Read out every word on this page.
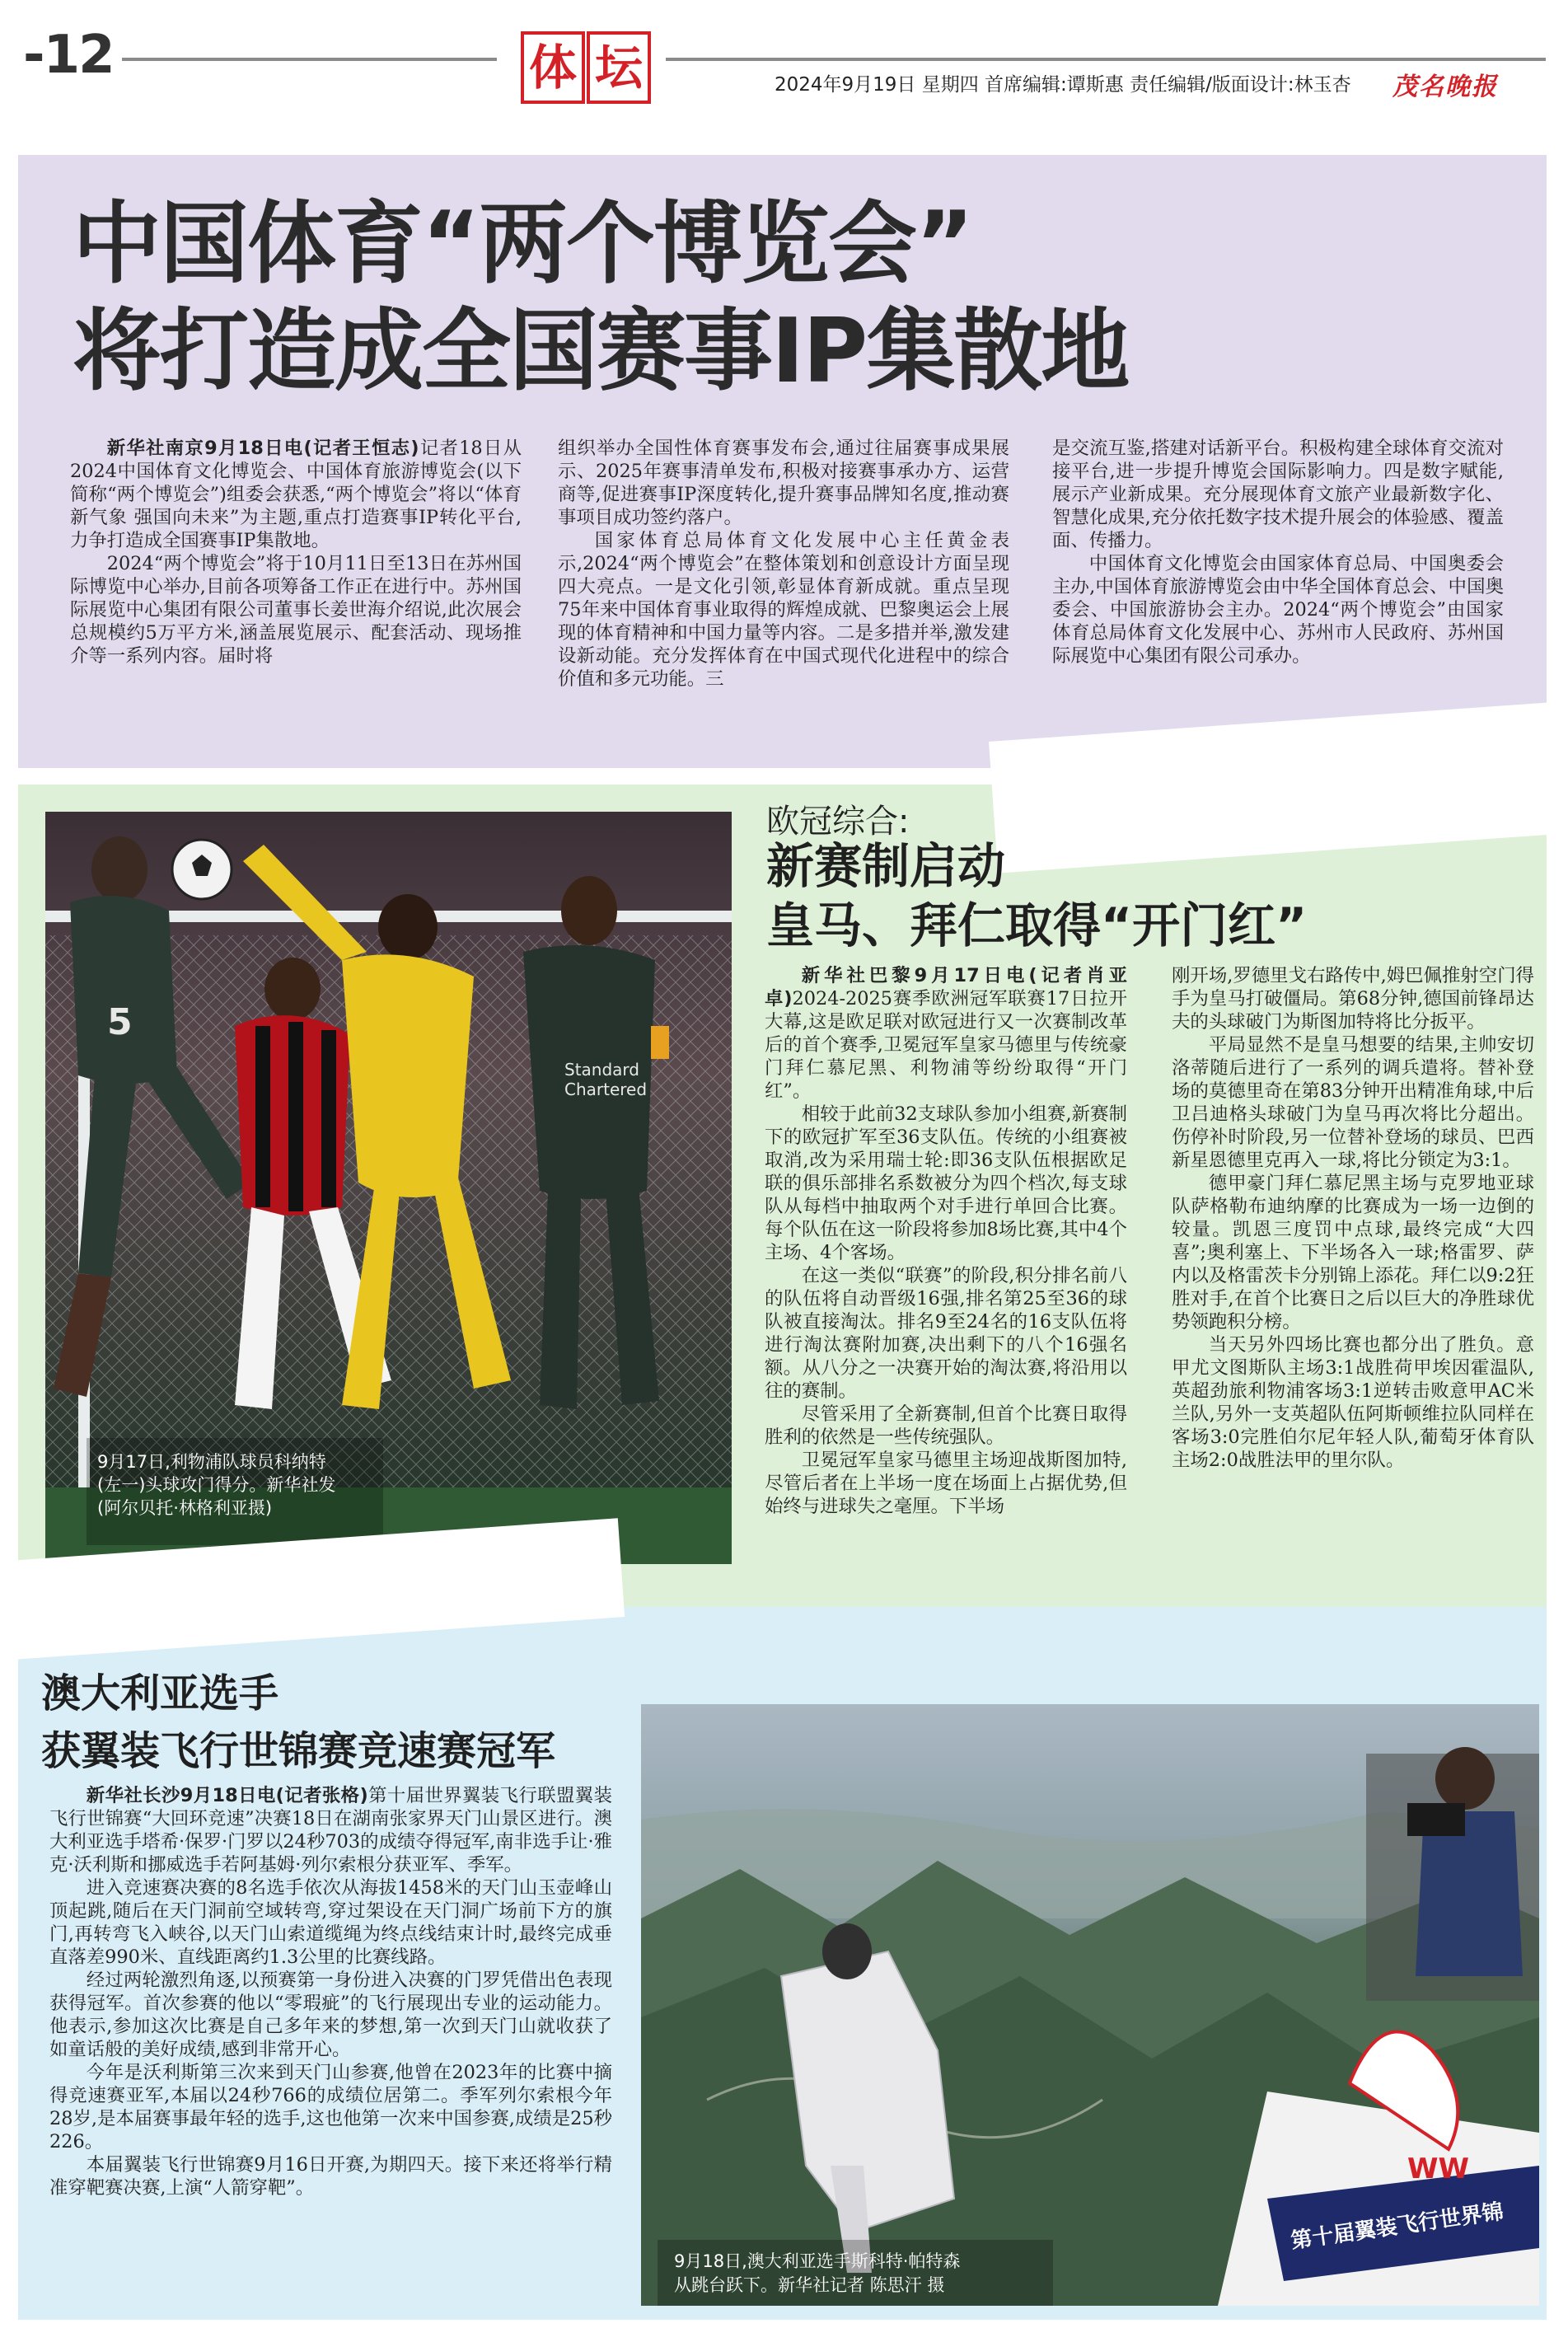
-12	体 坛	2024年9月19日 星期四 首席编辑:谭斯惠 责任编辑/版面设计:林玉杏 茂名晚报
中国体育“两个博览会”
将打造成全国赛事IP集散地

新华社南京9月18日电(记者王恒志)记者18日从2024中国体育文化博览会、中国体育旅游博览会(以下简称“两个博览会”)组委会获悉,“两个博览会”将以“体育新气象 强国向未来”为主题,重点打造赛事IP转化平台,力争打造成全国赛事IP集散地。

2024“两个博览会”将于10月11日至13日在苏州国际博览中心举办,目前各项筹备工作正在进行中。苏州国际展览中心集团有限公司董事长姜世海介绍说,此次展会总规模约5万平方米,涵盖展览展示、配套活动、现场推介等一系列内容。届时将

组织举办全国性体育赛事发布会,通过往届赛事成果展示、2025年赛事清单发布,积极对接赛事承办方、运营商等,促进赛事IP深度转化,提升赛事品牌知名度,推动赛事项目成功签约落户。

国家体育总局体育文化发展中心主任黄金表示,2024“两个博览会”在整体策划和创意设计方面呈现四大亮点。一是文化引领,彰显体育新成就。重点呈现75年来中国体育事业取得的辉煌成就、巴黎奥运会上展现的体育精神和中国力量等内容。二是多措并举,激发建设新动能。充分发挥体育在中国式现代化进程中的综合价值和多元功能。三

是交流互鉴,搭建对话新平台。积极构建全球体育交流对接平台,进一步提升博览会国际影响力。四是数字赋能,展示产业新成果。充分展现体育文旅产业最新数字化、智慧化成果,充分依托数字技术提升展会的体验感、覆盖面、传播力。

中国体育文化博览会由国家体育总局、中国奥委会主办,中国体育旅游博览会由中华全国体育总会、中国奥委会、中国旅游协会主办。2024“两个博览会”由国家体育总局体育文化发展中心、苏州市人民政府、苏州国际展览中心集团有限公司承办。

5
Standard
Chartered
9月17日,利物浦队球员科纳特(左一)头球攻门得分。新华社发(阿尔贝托·林格利亚摄)
欧冠综合:
新赛制启动
皇马、拜仁取得“开门红”

新华社巴黎9月17日电(记者肖亚卓)2024-2025赛季欧洲冠军联赛17日拉开大幕,这是欧足联对欧冠进行又一次赛制改革后的首个赛季,卫冕冠军皇家马德里与传统豪门拜仁慕尼黑、利物浦等纷纷取得“开门红”。

相较于此前32支球队参加小组赛,新赛制下的欧冠扩军至36支队伍。传统的小组赛被取消,改为采用瑞士轮:即36支队伍根据欧足联的俱乐部排名系数被分为四个档次,每支球队从每档中抽取两个对手进行单回合比赛。每个队伍在这一阶段将参加8场比赛,其中4个主场、4个客场。

在这一类似“联赛”的阶段,积分排名前八的队伍将自动晋级16强,排名第25至36的球队被直接淘汰。排名9至24名的16支队伍将进行淘汰赛附加赛,决出剩下的八个16强名额。从八分之一决赛开始的淘汰赛,将沿用以往的赛制。

尽管采用了全新赛制,但首个比赛日取得胜利的依然是一些传统强队。

卫冕冠军皇家马德里主场迎战斯图加特,尽管后者在上半场一度在场面上占据优势,但始终与进球失之毫厘。下半场

刚开场,罗德里戈右路传中,姆巴佩推射空门得手为皇马打破僵局。第68分钟,德国前锋昂达夫的头球破门为斯图加特将比分扳平。

平局显然不是皇马想要的结果,主帅安切洛蒂随后进行了一系列的调兵遣将。替补登场的莫德里奇在第83分钟开出精准角球,中后卫吕迪格头球破门为皇马再次将比分超出。伤停补时阶段,另一位替补登场的球员、巴西新星恩德里克再入一球,将比分锁定为3:1。

德甲豪门拜仁慕尼黑主场与克罗地亚球队萨格勒布迪纳摩的比赛成为一场一边倒的较量。凯恩三度罚中点球,最终完成“大四喜”;奥利塞上、下半场各入一球;格雷罗、萨内以及格雷茨卡分别锦上添花。拜仁以9:2狂胜对手,在首个比赛日之后以巨大的净胜球优势领跑积分榜。

当天另外四场比赛也都分出了胜负。意甲尤文图斯队主场3:1战胜荷甲埃因霍温队,英超劲旅利物浦客场3:1逆转击败意甲AC米兰队,另外一支英超队伍阿斯顿维拉队同样在客场3:0完胜伯尔尼年轻人队,葡萄牙体育队主场2:0战胜法甲的里尔队。

澳大利亚选手
获翼装飞行世锦赛竞速赛冠军

新华社长沙9月18日电(记者张格)第十届世界翼装飞行联盟翼装飞行世锦赛“大回环竞速”决赛18日在湖南张家界天门山景区进行。澳大利亚选手塔希·保罗·门罗以24秒703的成绩夺得冠军,南非选手让·雅克·沃利斯和挪威选手若阿基姆·列尔索根分获亚军、季军。

进入竞速赛决赛的8名选手依次从海拔1458米的天门山玉壶峰山顶起跳,随后在天门洞前空域转弯,穿过架设在天门洞广场前下方的旗门,再转弯飞入峡谷,以天门山索道缆绳为终点线结束计时,最终完成垂直落差990米、直线距离约1.3公里的比赛线路。

经过两轮激烈角逐,以预赛第一身份进入决赛的门罗凭借出色表现获得冠军。首次参赛的他以“零瑕疵”的飞行展现出专业的运动能力。他表示,参加这次比赛是自己多年来的梦想,第一次到天门山就收获了如童话般的美好成绩,感到非常开心。

今年是沃利斯第三次来到天门山参赛,他曾在2023年的比赛中摘得竞速赛亚军,本届以24秒766的成绩位居第二。季军列尔索根今年28岁,是本届赛事最年轻的选手,这也他第一次来中国参赛,成绩是25秒226。

本届翼装飞行世锦赛9月16日开赛,为期四天。接下来还将举行精准穿靶赛决赛,上演“人箭穿靶”。

WW
第十届翼装飞行世界锦
9月18日,澳大利亚选手斯科特·帕特森
从跳台跃下。新华社记者 陈思汗 摄
